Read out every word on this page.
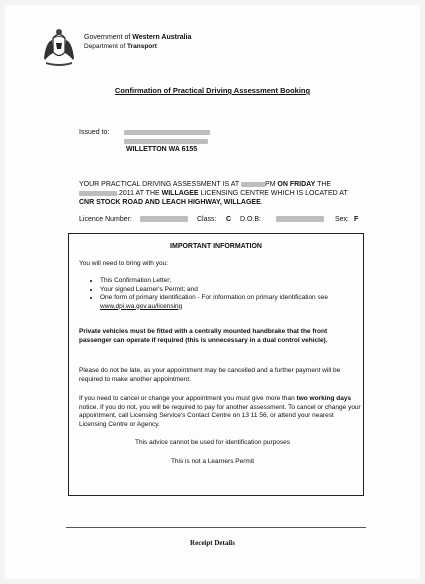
Government of Western Australia
Department of Transport
Confirmation of Practical Driving Assessment Booking
Issued to:
WILLETTON WA 6155
YOUR PRACTICAL DRIVING ASSESSMENT IS AT	PM ON FRIDAY THE
.2011 AT THE WILLAGEE LICENSING CENTRE WHICH IS LOCATED AT
CNR STOCK ROAD AND LEACH HIGHWAY, WILLAGEE.
Licence Number:	Class: C D.O.B:	Sex: F
IMPORTANT INFORMATION
You will need to bring with you:
• This Confirmation Letter;
• Your signed Learner's Permit; and
• One form of primary identification - For information on primary identification see www.dpi.wa.gov.au/licensing
Private vehicles must be fitted with a centrally mounted handbrake that the front passenger can operate if required (this is unnecessary in a dual control vehicle).
Please do not be late, as your appointment may be cancelled and a further payment will be required to make another appointment.
If you need to cancel or change your appointment you must give more than two working days notice. If you do not, you will be required to pay for another assessment. To cancel or change your appointment, call Licensing Service's Contact Centre on 13 11 56, or attend your nearest Licensing Centre or Agency.
This advice cannot be used for identification purposes
This is not a Learners Permit
Receipt Details
